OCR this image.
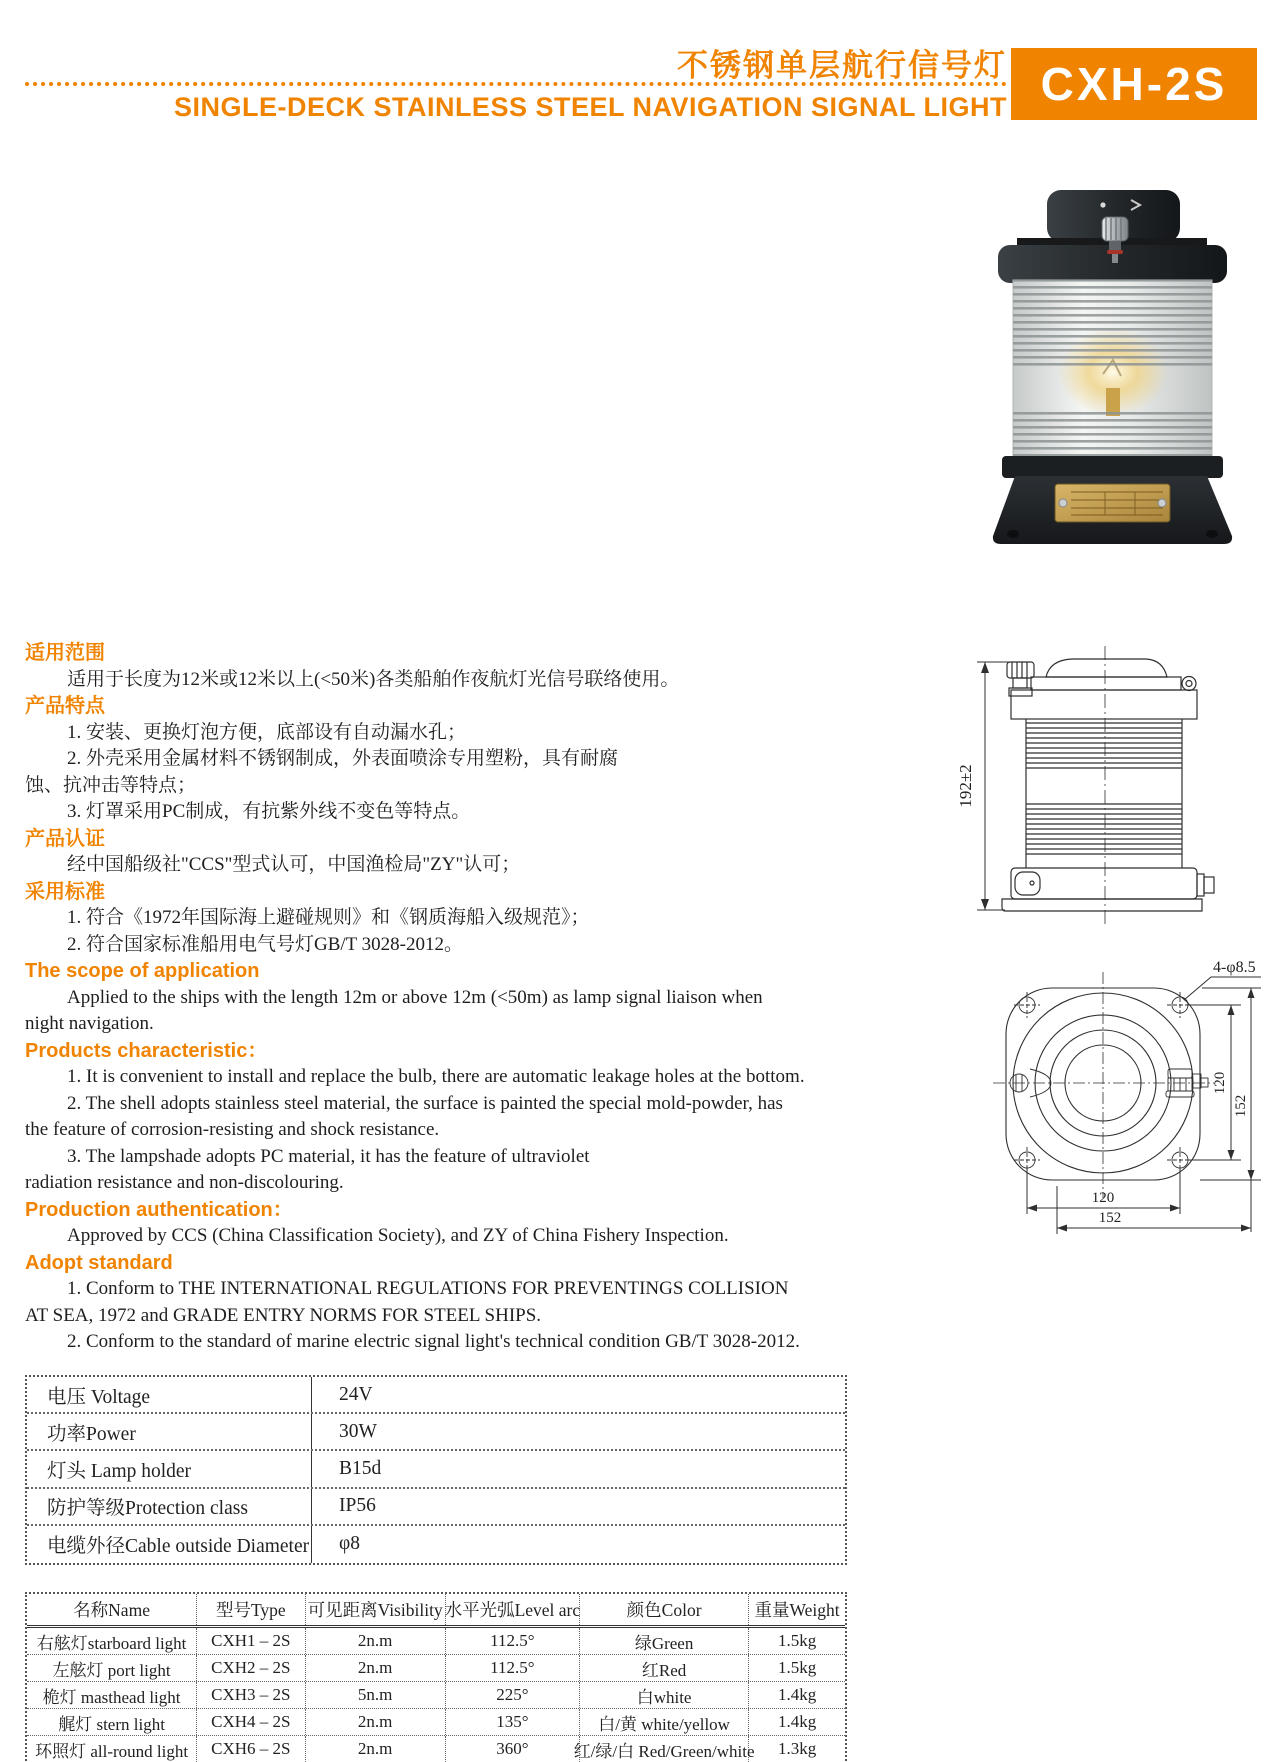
不锈钢单层航行信号灯
SINGLE-DECK STAINLESS STEEL NAVIGATION SIGNAL LIGHT CXH-2S
192±2
4-φ8.5
120
152
120
152
适用范围
适用于长度为12米或12米以上(<50米)各类船舶作夜航灯光信号联络使用。
产品特点
1. 安装、更换灯泡方便，底部设有自动漏水孔；
2. 外壳采用金属材料不锈钢制成，外表面喷涂专用塑粉，具有耐腐
蚀、抗冲击等特点；
3. 灯罩采用PC制成，有抗紫外线不变色等特点。
产品认证
经中国船级社"CCS"型式认可，中国渔检局"ZY"认可；
采用标准
1. 符合《1972年国际海上避碰规则》和《钢质海船入级规范》；
2. 符合国家标准船用电气号灯GB/T 3028-2012。
The scope of application
Applied to the ships with the length 12m or above 12m (<50m) as lamp signal liaison when
night navigation.
Products characteristic：
1. It is convenient to install and replace the bulb, there are automatic leakage holes at the bottom.
2. The shell adopts stainless steel material, the surface is painted the special mold-powder, has
the feature of corrosion-resisting and shock resistance.
3. The lampshade adopts PC material, it has the feature of ultraviolet
radiation resistance and non-discolouring.
Production authentication：
Approved by CCS (China Classification Society), and ZY of China Fishery Inspection.
Adopt standard
1. Conform to THE INTERNATIONAL REGULATIONS FOR PREVENTINGS COLLISION
AT SEA, 1972 and GRADE ENTRY NORMS FOR STEEL SHIPS.
2. Conform to the standard of marine electric signal light's technical condition GB/T 3028-2012.
电压 Voltage	24V
功率Power	30W
灯头 Lamp holder	B15d
防护等级Protection class	IP56
电缆外径Cable outside Diameter	φ8
名称Name	型号Type	可见距离Visibility 水平光弧Level arc	颜色Color	重量Weight
右舷灯starboard light	CXH1 – 2S	2n.m	112.5°	绿Green	1.5kg
左舷灯 port light	CXH2 – 2S	2n.m	112.5°	红Red	1.5kg
桅灯 masthead light	CXH3 – 2S	5n.m	225°	白white	1.4kg
艉灯 stern light	CXH4 – 2S	2n.m	135°	白/黄 white/yellow	1.4kg
环照灯 all-round light	CXH6 – 2S	2n.m	360°	红/绿/白 Red/Green/white	1.3kg
